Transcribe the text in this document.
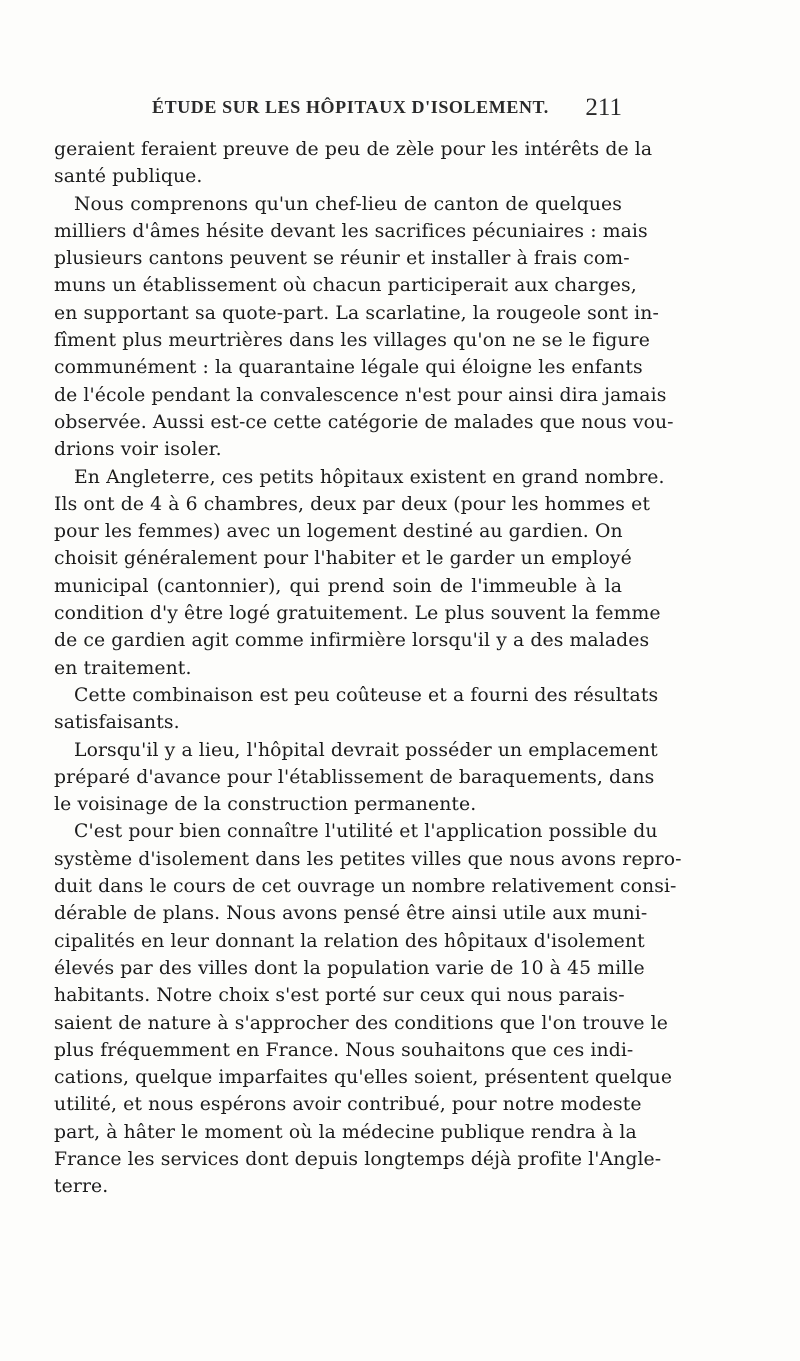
ÉTUDE SUR LES HÔPITAUX D'ISOLEMENT. 211
geraient feraient preuve de peu de zèle pour les intérêts de la
santé publique.
Nous comprenons qu'un chef-lieu de canton de quelques
milliers d'âmes hésite devant les sacrifices pécuniaires : mais
plusieurs cantons peuvent se réunir et installer à frais com-
muns un établissement où chacun participerait aux charges,
en supportant sa quote-part. La scarlatine, la rougeole sont in-
fîment plus meurtrières dans les villages qu'on ne se le figure
communément : la quarantaine légale qui éloigne les enfants
de l'école pendant la convalescence n'est pour ainsi dira jamais
observée. Aussi est-ce cette catégorie de malades que nous vou-
drions voir isoler.
En Angleterre, ces petits hôpitaux existent en grand nombre.
Ils ont de 4 à 6 chambres, deux par deux (pour les hommes et
pour les femmes) avec un logement destiné au gardien. On
choisit généralement pour l'habiter et le garder un employé
municipal (cantonnier), qui prend soin de l'immeuble à la
condition d'y être logé gratuitement. Le plus souvent la femme
de ce gardien agit comme infirmière lorsqu'il y a des malades
en traitement.
Cette combinaison est peu coûteuse et a fourni des résultats
satisfaisants.
Lorsqu'il y a lieu, l'hôpital devrait posséder un emplacement
préparé d'avance pour l'établissement de baraquements, dans
le voisinage de la construction permanente.
C'est pour bien connaître l'utilité et l'application possible du
système d'isolement dans les petites villes que nous avons repro-
duit dans le cours de cet ouvrage un nombre relativement consi-
dérable de plans. Nous avons pensé être ainsi utile aux muni-
cipalités en leur donnant la relation des hôpitaux d'isolement
élevés par des villes dont la population varie de 10 à 45 mille
habitants. Notre choix s'est porté sur ceux qui nous parais-
saient de nature à s'approcher des conditions que l'on trouve le
plus fréquemment en France. Nous souhaitons que ces indi-
cations, quelque imparfaites qu'elles soient, présentent quelque
utilité, et nous espérons avoir contribué, pour notre modeste
part, à hâter le moment où la médecine publique rendra à la
France les services dont depuis longtemps déjà profite l'Angle-
terre.
